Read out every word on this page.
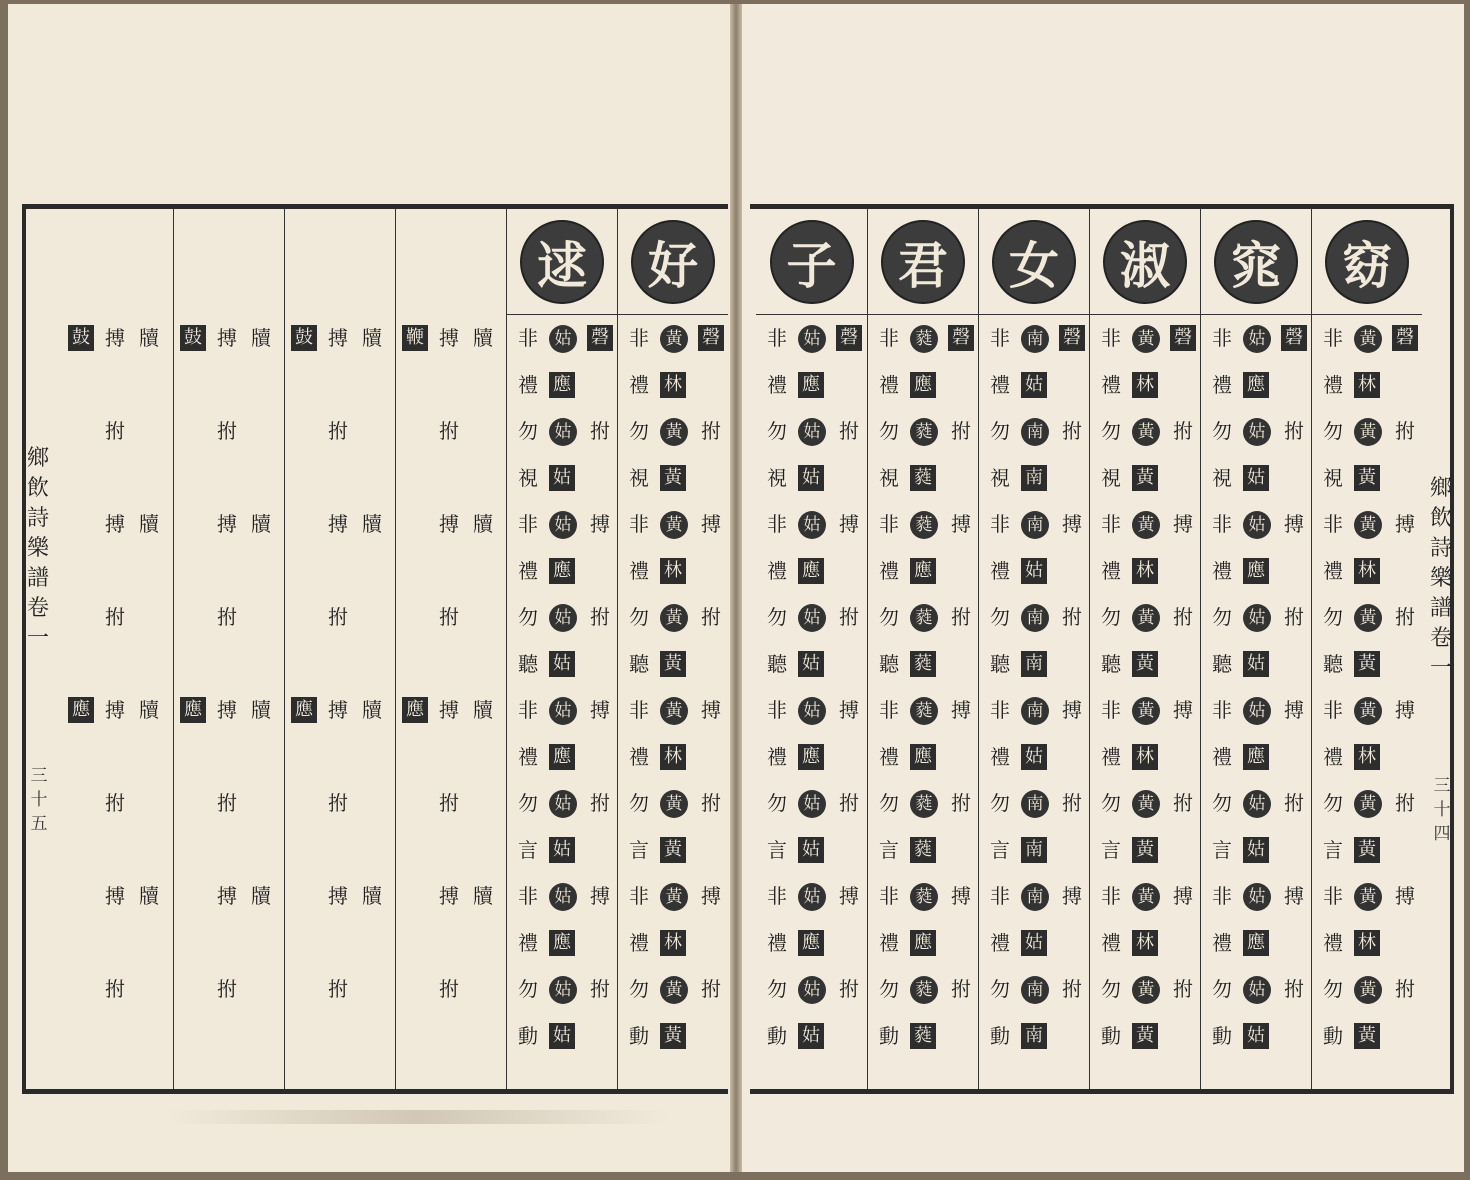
好
磬
黃
林
拊
黃
黃
搏
黃
林
拊
黃
黃
搏
黃
林
拊
黃
黃
搏
黃
林
拊
黃
黃
非
禮
勿
視
非
禮
勿
聽
非
禮
勿
言
非
禮
勿
動
逑
磬
姑
應
拊
姑
姑
搏
姑
應
拊
姑
姑
搏
姑
應
拊
姑
姑
搏
姑
應
拊
姑
姑
非
禮
勿
視
非
禮
勿
聽
非
禮
勿
言
非
禮
勿
動
牘
搏
鞭
拊
牘
搏
拊
牘
搏
應
拊
牘
搏
拊
牘
搏
鼓
拊
牘
搏
拊
牘
搏
應
拊
牘
搏
拊
牘
搏
鼓
拊
牘
搏
拊
牘
搏
應
拊
牘
搏
拊
牘
搏
鼓
拊
牘
搏
拊
牘
搏
應
拊
牘
搏
拊
鄉
飲
詩
樂
譜
卷
一
三
十
五
窈
磬
黃
林
拊
黃
黃
搏
黃
林
拊
黃
黃
搏
黃
林
拊
黃
黃
搏
黃
林
拊
黃
黃
非
禮
勿
視
非
禮
勿
聽
非
禮
勿
言
非
禮
勿
動
窕
磬
姑
應
拊
姑
姑
搏
姑
應
拊
姑
姑
搏
姑
應
拊
姑
姑
搏
姑
應
拊
姑
姑
非
禮
勿
視
非
禮
勿
聽
非
禮
勿
言
非
禮
勿
動
淑
磬
黃
林
拊
黃
黃
搏
黃
林
拊
黃
黃
搏
黃
林
拊
黃
黃
搏
黃
林
拊
黃
黃
非
禮
勿
視
非
禮
勿
聽
非
禮
勿
言
非
禮
勿
動
女
磬
南
姑
拊
南
南
搏
南
姑
拊
南
南
搏
南
姑
拊
南
南
搏
南
姑
拊
南
南
非
禮
勿
視
非
禮
勿
聽
非
禮
勿
言
非
禮
勿
動
君
磬
蕤
應
拊
蕤
蕤
搏
蕤
應
拊
蕤
蕤
搏
蕤
應
拊
蕤
蕤
搏
蕤
應
拊
蕤
蕤
非
禮
勿
視
非
禮
勿
聽
非
禮
勿
言
非
禮
勿
動
子
磬
姑
應
拊
姑
姑
搏
姑
應
拊
姑
姑
搏
姑
應
拊
姑
姑
搏
姑
應
拊
姑
姑
非
禮
勿
視
非
禮
勿
聽
非
禮
勿
言
非
禮
勿
動
鄉
飲
詩
樂
譜
卷
一
三
十
四
